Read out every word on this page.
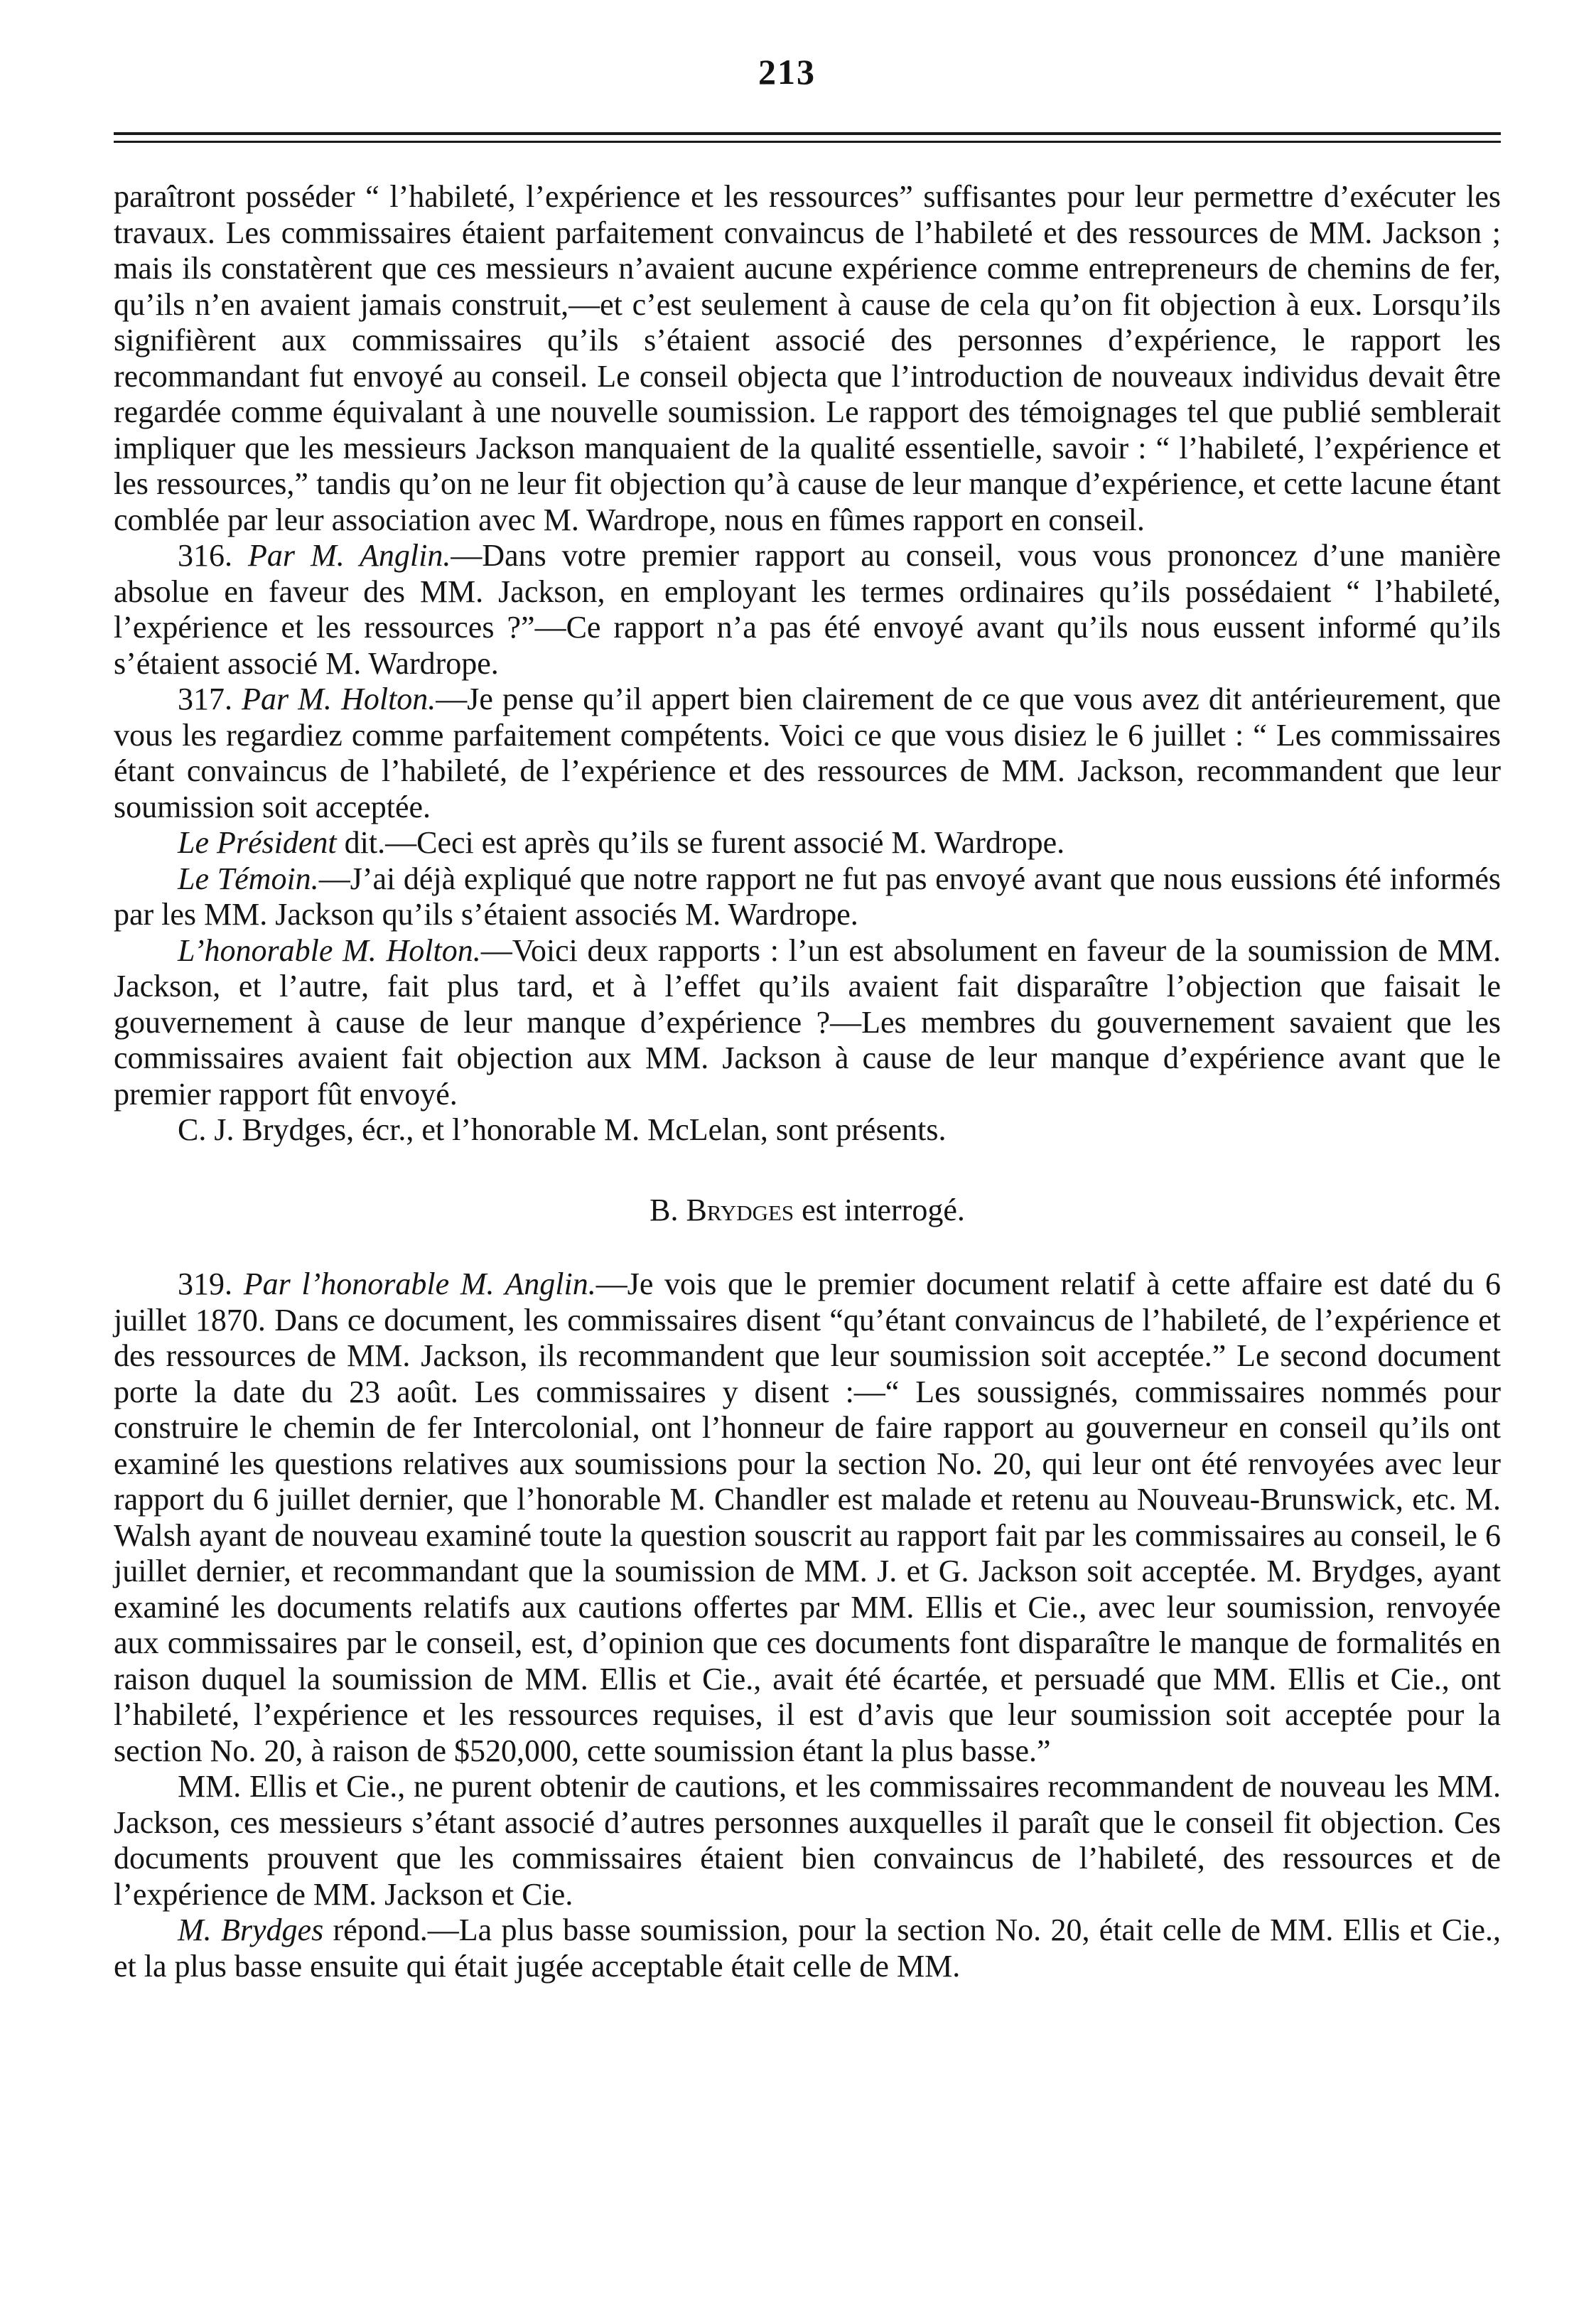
213

paraîtront posséder “ l’habileté, l’expérience et les ressources” suffisantes pour leur permettre d’exécuter les travaux. Les commissaires étaient parfaitement convaincus de l’habileté et des ressources de MM. Jackson ; mais ils constatèrent que ces messieurs n’avaient aucune expérience comme entrepreneurs de chemins de fer, qu’ils n’en avaient jamais construit,—et c’est seulement à cause de cela qu’on fit objection à eux. Lorsqu’ils signifièrent aux commissaires qu’ils s’étaient associé des personnes d’expérience, le rapport les recommandant fut envoyé au conseil. Le conseil objecta que l’introduction de nouveaux individus devait être regardée comme équivalant à une nouvelle soumission. Le rapport des témoignages tel que publié semblerait impliquer que les messieurs Jackson manquaient de la qualité essentielle, savoir : “ l’habileté, l’expérience et les ressources,” tandis qu’on ne leur fit objection qu’à cause de leur manque d’expérience, et cette lacune étant comblée par leur association avec M. Wardrope, nous en fûmes rapport en conseil.

316. Par M. Anglin.—Dans votre premier rapport au conseil, vous vous prononcez d’une manière absolue en faveur des MM. Jackson, en employant les termes ordinaires qu’ils possédaient “ l’habileté, l’expérience et les ressources ?”—Ce rapport n’a pas été envoyé avant qu’ils nous eussent informé qu’ils s’étaient associé M. Wardrope.

317. Par M. Holton.—Je pense qu’il appert bien clairement de ce que vous avez dit antérieurement, que vous les regardiez comme parfaitement compétents. Voici ce que vous disiez le 6 juillet : “ Les commissaires étant convaincus de l’habileté, de l’expérience et des ressources de MM. Jackson, recommandent que leur soumission soit acceptée.

Le Président dit.—Ceci est après qu’ils se furent associé M. Wardrope.

Le Témoin.—J’ai déjà expliqué que notre rapport ne fut pas envoyé avant que nous eussions été informés par les MM. Jackson qu’ils s’étaient associés M. Wardrope.

L’honorable M. Holton.—Voici deux rapports : l’un est absolument en faveur de la soumission de MM. Jackson, et l’autre, fait plus tard, et à l’effet qu’ils avaient fait disparaître l’objection que faisait le gouvernement à cause de leur manque d’expérience ?—Les membres du gouvernement savaient que les commissaires avaient fait objection aux MM. Jackson à cause de leur manque d’expérience avant que le premier rapport fût envoyé.

C. J. Brydges, écr., et l’honorable M. McLelan, sont présents.

B. Brydges est interrogé.

319. Par l’honorable M. Anglin.—Je vois que le premier document relatif à cette affaire est daté du 6 juillet 1870. Dans ce document, les commissaires disent “qu’étant convaincus de l’habileté, de l’expérience et des ressources de MM. Jackson, ils recommandent que leur soumission soit acceptée.” Le second document porte la date du 23 août. Les commissaires y disent :—“ Les soussignés, commissaires nommés pour construire le chemin de fer Intercolonial, ont l’honneur de faire rapport au gouverneur en conseil qu’ils ont examiné les questions relatives aux soumissions pour la section No. 20, qui leur ont été renvoyées avec leur rapport du 6 juillet dernier, que l’honorable M. Chandler est malade et retenu au Nouveau-Brunswick, etc. M. Walsh ayant de nouveau examiné toute la question souscrit au rapport fait par les commissaires au conseil, le 6 juillet dernier, et recommandant que la soumission de MM. J. et G. Jackson soit acceptée. M. Brydges, ayant examiné les documents relatifs aux cautions offertes par MM. Ellis et Cie., avec leur soumission, renvoyée aux commissaires par le conseil, est, d’opinion que ces documents font disparaître le manque de formalités en raison duquel la soumission de MM. Ellis et Cie., avait été écartée, et persuadé que MM. Ellis et Cie., ont l’habileté, l’expérience et les ressources requises, il est d’avis que leur soumission soit acceptée pour la section No. 20, à raison de $520,000, cette soumission étant la plus basse.”

MM. Ellis et Cie., ne purent obtenir de cautions, et les commissaires recommandent de nouveau les MM. Jackson, ces messieurs s’étant associé d’autres personnes auxquelles il paraît que le conseil fit objection. Ces documents prouvent que les commissaires étaient bien convaincus de l’habileté, des ressources et de l’expérience de MM. Jackson et Cie.

M. Brydges répond.—La plus basse soumission, pour la section No. 20, était celle de MM. Ellis et Cie., et la plus basse ensuite qui était jugée acceptable était celle de MM.
